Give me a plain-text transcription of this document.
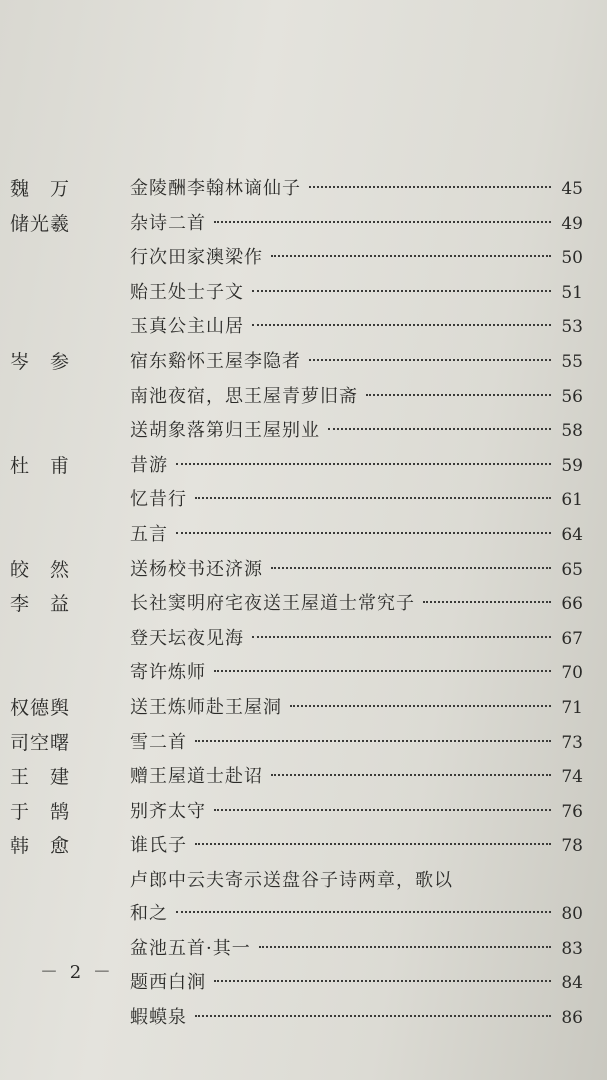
魏　万	金陵酬李翰林谪仙子	45
储光羲	杂诗二首	49
行次田家澳梁作	50
贻王处士子文	51
玉真公主山居	53
岑　参	宿东谿怀王屋李隐者	55
南池夜宿，思王屋青萝旧斋	56
送胡象落第归王屋别业	58
杜　甫	昔游	59
忆昔行	61
五言	64
皎　然	送杨校书还济源	65
李　益	长社窦明府宅夜送王屋道士常究子	66
登天坛夜见海	67
寄许炼师	70
权德舆	送王炼师赴王屋洞	71
司空曙	雪二首	73
王　建	赠王屋道士赴诏	74
于　鹄	别齐太守	76
韩　愈	谁氏子	78
卢郎中云夫寄示送盘谷子诗两章，歌以
和之	80
盆池五首·其一	83
题西白涧	84
蝦蟆泉	86
－ 2 －
